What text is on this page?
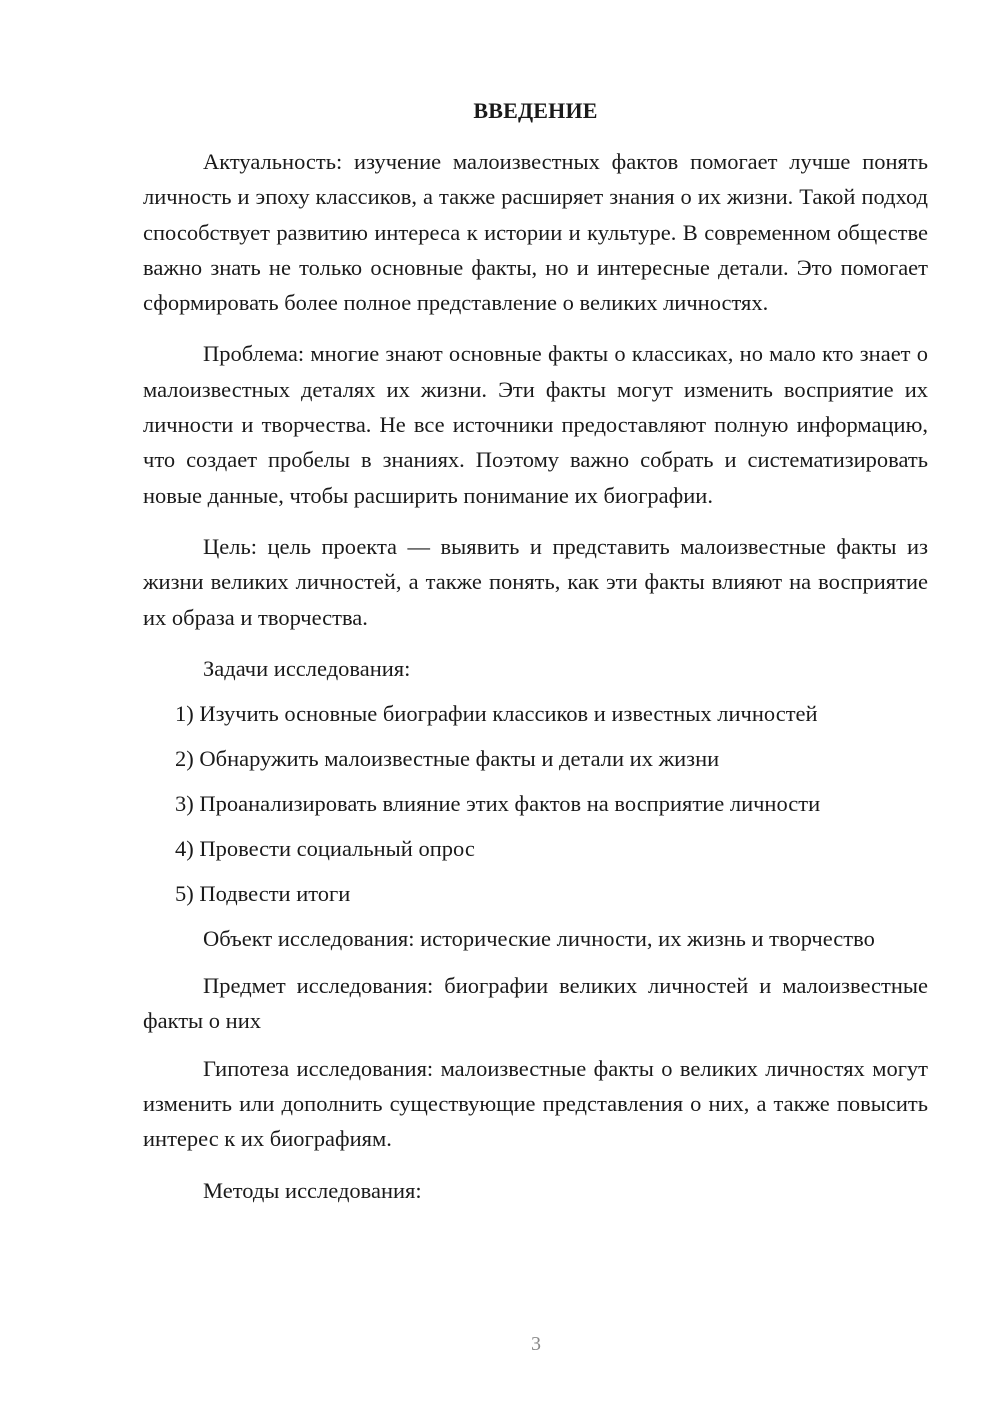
ВВЕДЕНИЕ

Актуальность: изучение малоизвестных фактов помогает лучше понять личность и эпоху классиков, а также расширяет знания о их жизни. Такой подход способствует развитию интереса к истории и культуре. В современном обществе важно знать не только основные факты, но и интересные детали. Это помогает сформировать более полное представление о великих личностях.

Проблема: многие знают основные факты о классиках, но мало кто знает о малоизвестных деталях их жизни. Эти факты могут изменить восприятие их личности и творчества. Не все источники предоставляют полную информацию, что создает пробелы в знаниях. Поэтому важно собрать и систематизировать новые данные, чтобы расширить понимание их биографии.

Цель: цель проекта — выявить и представить малоизвестные факты из жизни великих личностей, а также понять, как эти факты влияют на восприятие их образа и творчества.

Задачи исследования:

1 ) Изучить основные биографии классиков и известных личностей
2 ) Обнаружить малоизвестные факты и детали их жизни
3 ) Проанализировать влияние этих фактов на восприятие личности
4 ) Провести социальный опрос
5 ) Подвести итоги

Объект исследования: исторические личности, их жизнь и творчество

Предмет исследования: биографии великих личностей и малоизвестные факты о них

Гипотеза исследования: малоизвестные факты о великих личностях могут изменить или дополнить существующие представления о них, а также повысить интерес к их биографиям.

Методы исследования:

3
